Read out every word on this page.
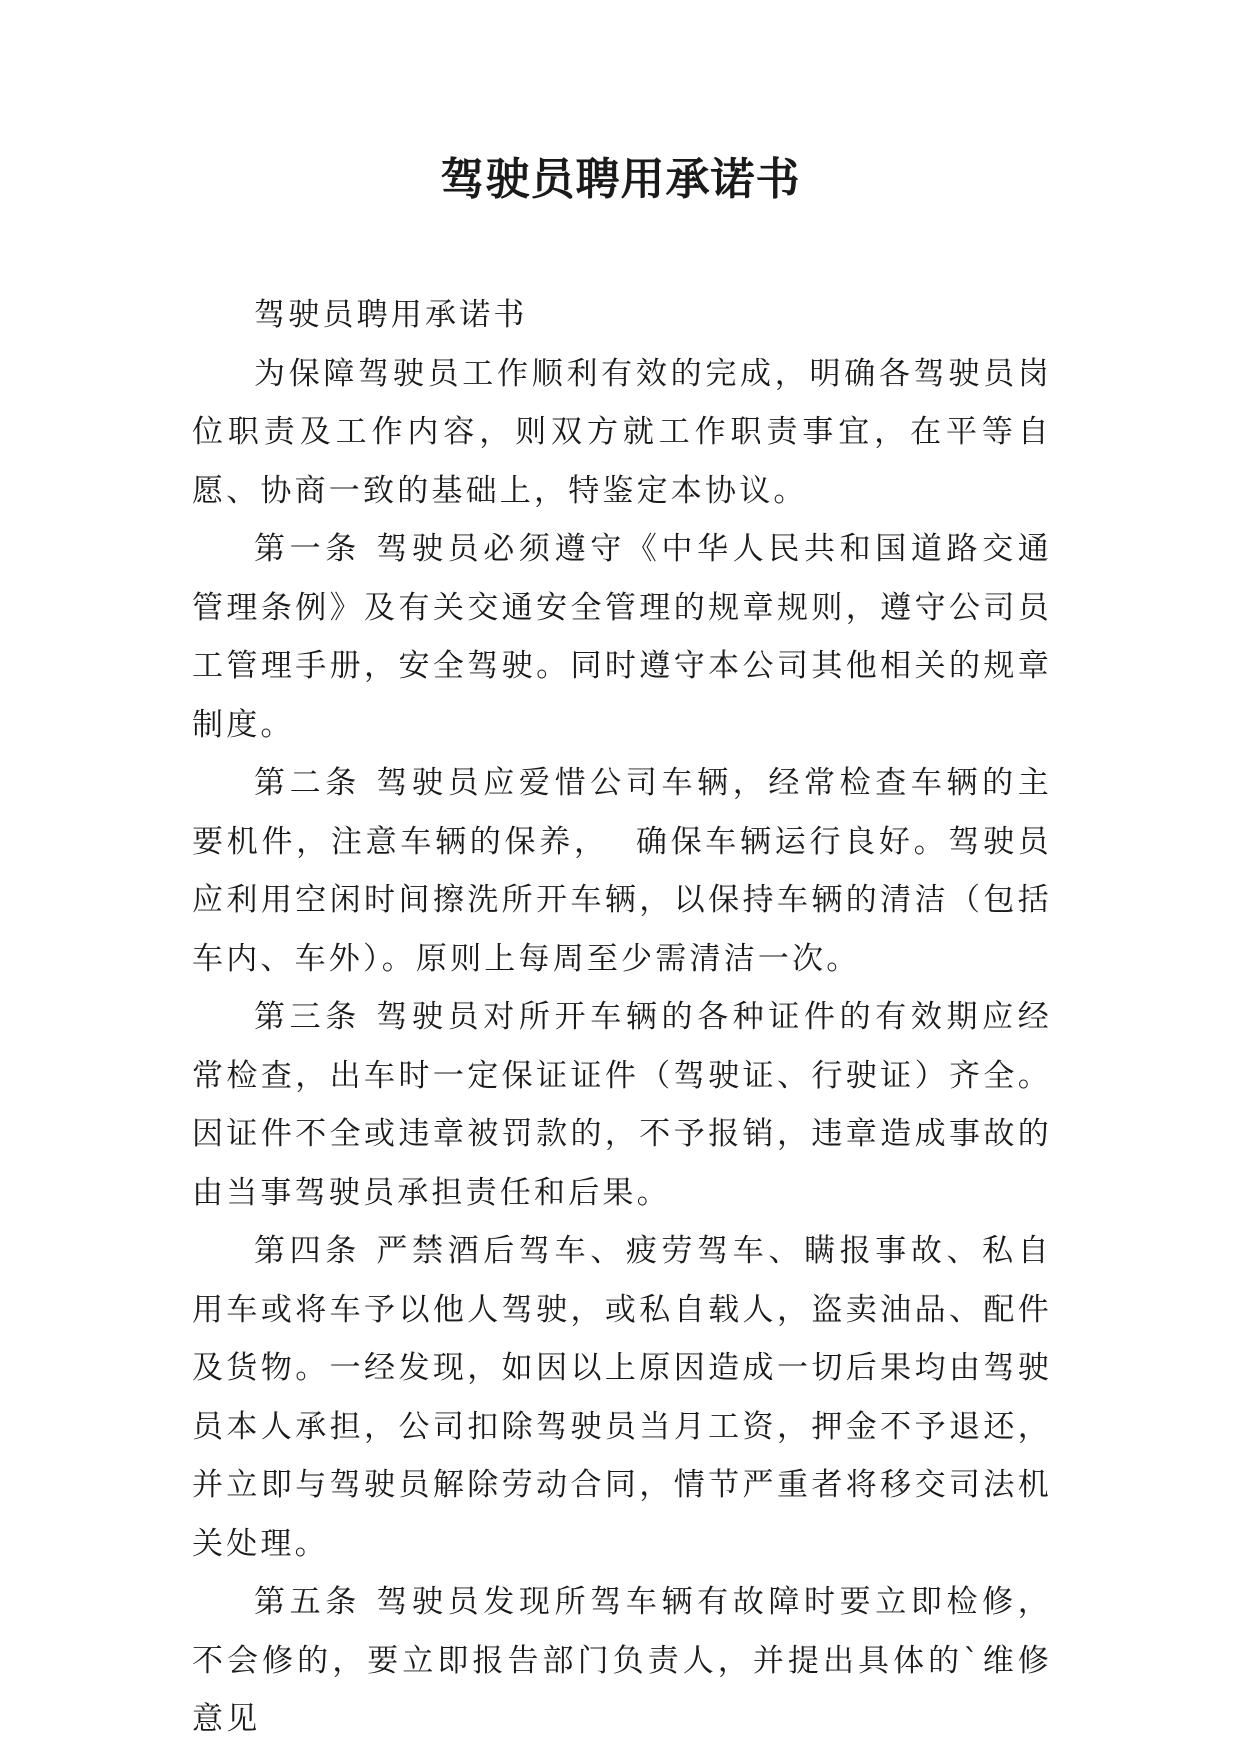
驾驶员聘用承诺书

驾驶员聘用承诺书

为保障驾驶员工作顺利有效的完成，明确各驾驶员岗位职责及工作内容，则双方就工作职责事宜，在平等自愿、协商一致的基础上，特鉴定本协议。

第一条 驾驶员必须遵守《中华人民共和国道路交通管理条例》及有关交通安全管理的规章规则，遵守公司员工管理手册，安全驾驶。同时遵守本公司其他相关的规章制度。

第二条 驾驶员应爱惜公司车辆，经常检查车辆的主要机件，注意车辆的保养，  确保车辆运行良好。驾驶员应利用空闲时间擦洗所开车辆，以保持车辆的清洁（包括车内、车外）。原则上每周至少需清洁一次。

第三条 驾驶员对所开车辆的各种证件的有效期应经常检查，出车时一定保证证件（驾驶证、行驶证）齐全。因证件不全或违章被罚款的，不予报销，违章造成事故的由当事驾驶员承担责任和后果。

第四条 严禁酒后驾车、疲劳驾车、瞒报事故、私自用车或将车予以他人驾驶，或私自载人，盗卖油品、配件及货物。一经发现，如因以上原因造成一切后果均由驾驶员本人承担，公司扣除驾驶员当月工资，押金不予退还，并立即与驾驶员解除劳动合同，情节严重者将移交司法机关处理。

第五条 驾驶员发现所驾车辆有故障时要立即检修，不会修的，要立即报告部门负责人，并提出具体的`维修意见
